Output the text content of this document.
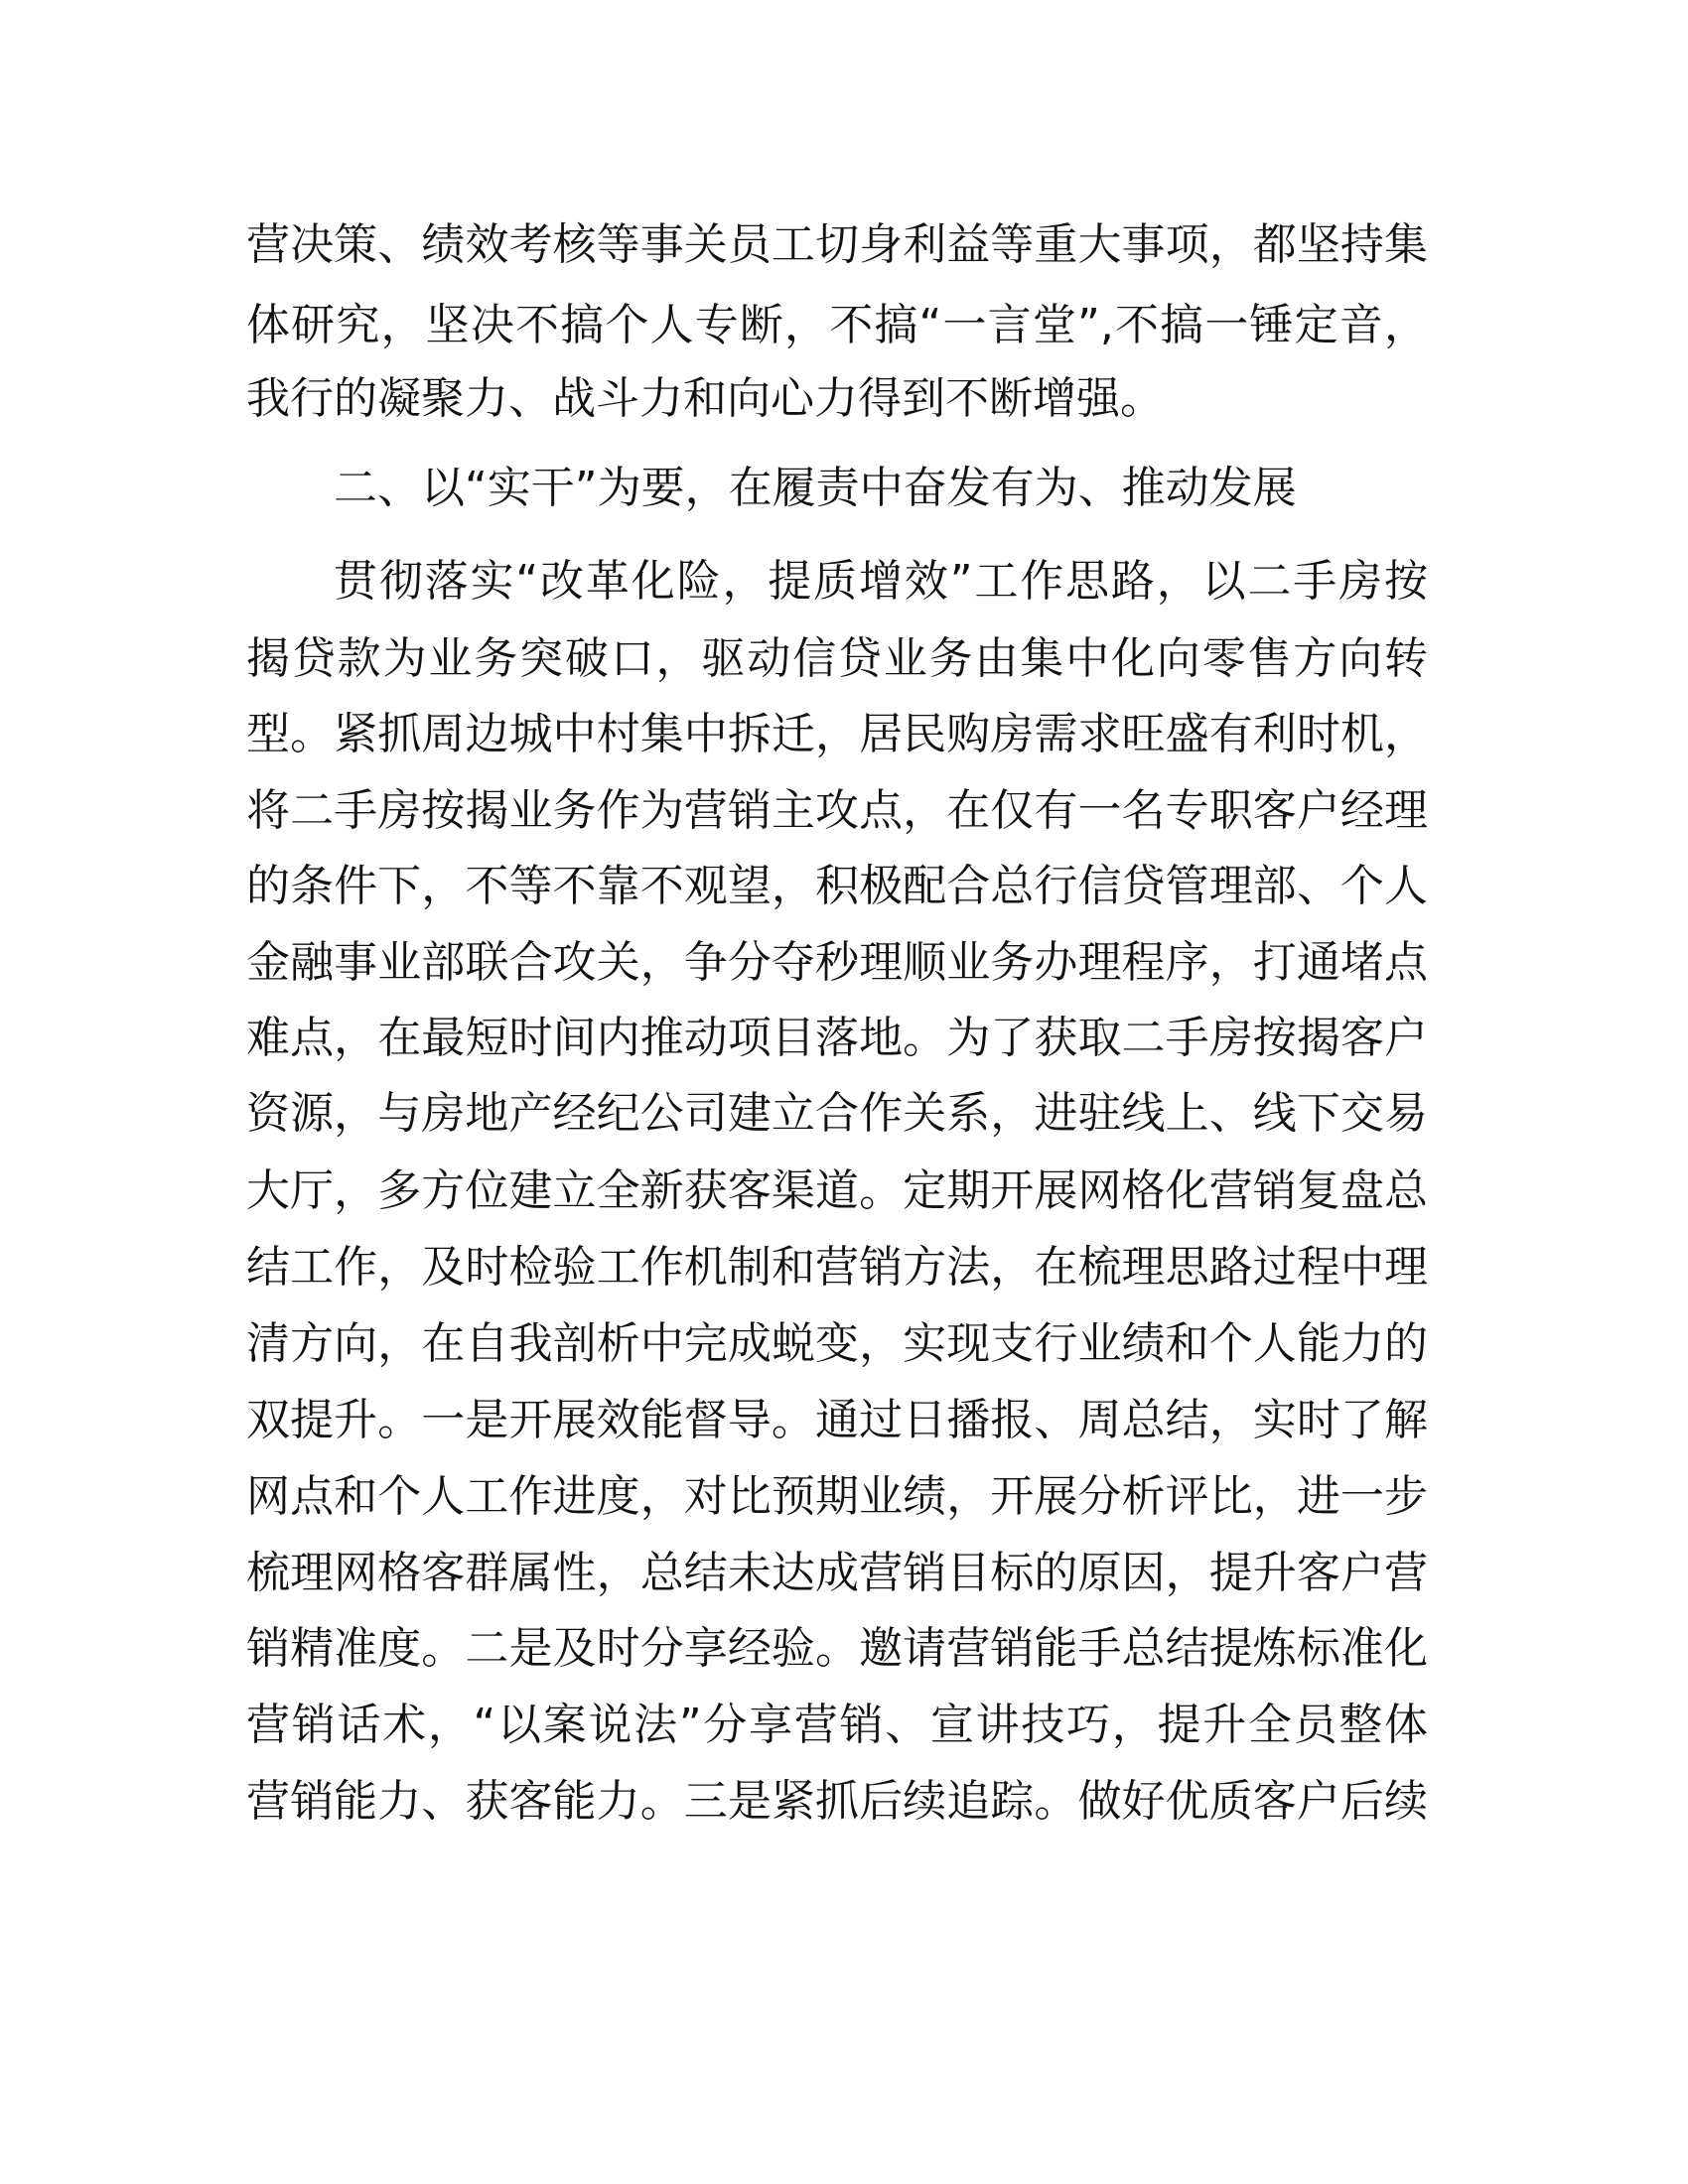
营决策、绩效考核等事关员工切身利益等重大事项，都坚持集
体研究，坚决不搞个人专断，不搞“一言堂”,不搞一锤定音，
我行的凝聚力、战斗力和向心力得到不断增强。
二、以“实干”为要，在履责中奋发有为、推动发展
贯彻落实“改革化险，提质增效”工作思路，以二手房按
揭贷款为业务突破口，驱动信贷业务由集中化向零售方向转
型。紧抓周边城中村集中拆迁，居民购房需求旺盛有利时机，
将二手房按揭业务作为营销主攻点，在仅有一名专职客户经理
的条件下，不等不靠不观望，积极配合总行信贷管理部、个人
金融事业部联合攻关，争分夺秒理顺业务办理程序，打通堵点
难点，在最短时间内推动项目落地。为了获取二手房按揭客户
资源，与房地产经纪公司建立合作关系，进驻线上、线下交易
大厅，多方位建立全新获客渠道。定期开展网格化营销复盘总
结工作，及时检验工作机制和营销方法，在梳理思路过程中理
清方向，在自我剖析中完成蜕变，实现支行业绩和个人能力的
双提升。一是开展效能督导。通过日播报、周总结，实时了解
网点和个人工作进度，对比预期业绩，开展分析评比，进一步
梳理网格客群属性，总结未达成营销目标的原因，提升客户营
销精准度。二是及时分享经验。邀请营销能手总结提炼标准化
营销话术，“以案说法”分享营销、宣讲技巧，提升全员整体
营销能力、获客能力。三是紧抓后续追踪。做好优质客户后续
